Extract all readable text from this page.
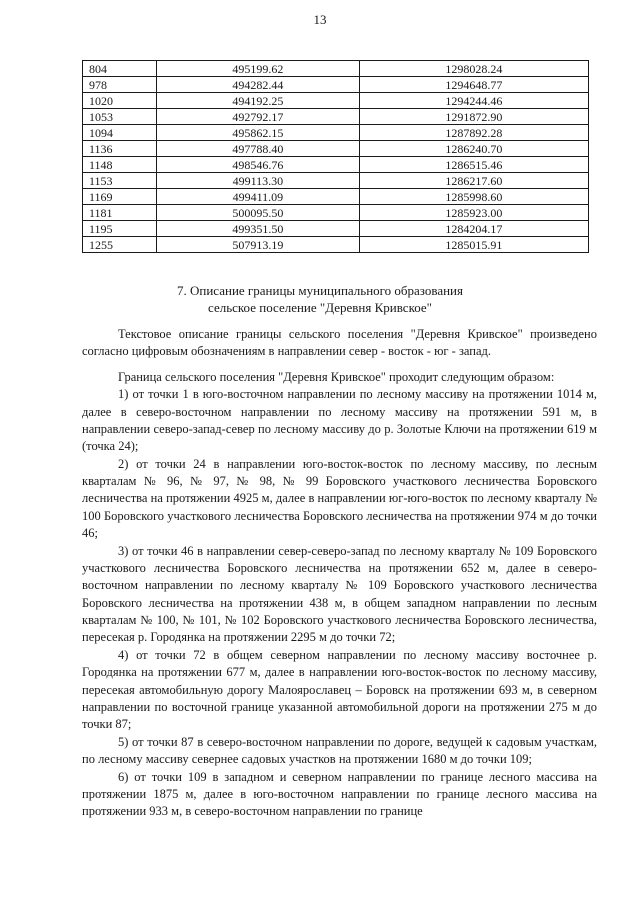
13
804	495199.62	1298028.24
978	494282.44	1294648.77
1020	494192.25	1294244.46
1053	492792.17	1291872.90
1094	495862.15	1287892.28
1136	497788.40	1286240.70
1148	498546.76	1286515.46
1153	499113.30	1286217.60
1169	499411.09	1285998.60
1181	500095.50	1285923.00
1195	499351.50	1284204.17
1255	507913.19	1285015.91
7. Описание границы муниципального образования
сельское поселение "Деревня Кривское"

Текстовое описание границы сельского поселения "Деревня Кривское" произведено согласно цифровым обозначениям в направлении север - восток - юг - запад.

Граница сельского поселения "Деревня Кривское" проходит следующим образом:

1) от точки 1 в юго-восточном направлении по лесному массиву на протяжении 1014 м, далее в северо-восточном направлении по лесному массиву на протяжении 591 м, в направлении северо-запад-север по лесному массиву до р. Золотые Ключи на протяжении 619 м (точка 24);

2) от точки 24 в направлении юго-восток-восток по лесному массиву, по лесным кварталам № 96, № 97, № 98, № 99 Боровского участкового лесничества Боровского лесничества на протяжении 4925 м, далее в направлении юг-юго-восток по лесному кварталу № 100 Боровского участкового лесничества Боровского лесничества на протяжении 974 м до точки 46;

3) от точки 46 в направлении север-северо-запад по лесному кварталу № 109 Боровского участкового лесничества Боровского лесничества на протяжении 652 м, далее в северо-восточном направлении по лесному кварталу № 109 Боровского участкового лесничества Боровского лесничества на протяжении 438 м, в общем западном направлении по лесным кварталам № 100, № 101, № 102 Боровского участкового лесничества Боровского лесничества, пересекая р. Городянка на протяжении 2295 м до точки 72;

4) от точки 72 в общем северном направлении по лесному массиву восточнее р. Городянка на протяжении 677 м, далее в направлении юго-восток-восток по лесному массиву, пересекая автомобильную дорогу Малоярославец – Боровск на протяжении 693 м, в северном направлении по восточной границе указанной автомобильной дороги на протяжении 275 м до точки 87;

5) от точки 87 в северо-восточном направлении по дороге, ведущей к садовым участкам, по лесному массиву севернее садовых участков на протяжении 1680 м до точки 109;

6) от точки 109 в западном и северном направлении по границе лесного массива на протяжении 1875 м, далее в юго-восточном направлении по границе лесного массива на протяжении 933 м, в северо-восточном направлении по границе
